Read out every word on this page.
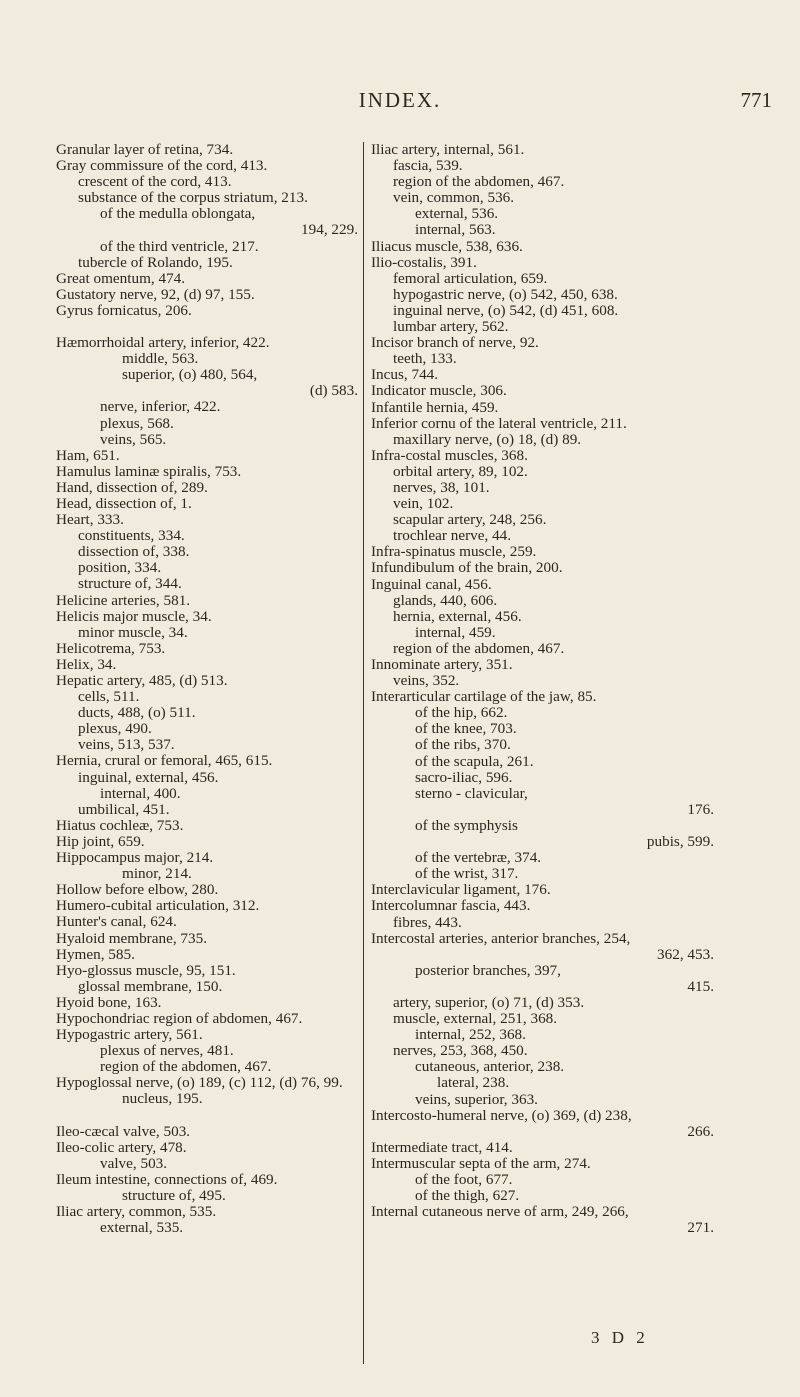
INDEX.	771
Granular layer of retina, 734.
Gray commissure of the cord, 413.
crescent of the cord, 413.
substance of the corpus striatum, 213.
of the medulla oblongata,
194, 229.
of the third ventricle, 217.
tubercle of Rolando, 195.
Great omentum, 474.
Gustatory nerve, 92, (d) 97, 155.
Gyrus fornicatus, 206.
Hæmorrhoidal artery, inferior, 422.
middle, 563.
superior, (o) 480, 564,
(d) 583.
nerve, inferior, 422.
plexus, 568.
veins, 565.
Ham, 651.
Hamulus laminæ spiralis, 753.
Hand, dissection of, 289.
Head, dissection of, 1.
Heart, 333.
constituents, 334.
dissection of, 338.
position, 334.
structure of, 344.
Helicine arteries, 581.
Helicis major muscle, 34.
minor muscle, 34.
Helicotrema, 753.
Helix, 34.
Hepatic artery, 485, (d) 513.
cells, 511.
ducts, 488, (o) 511.
plexus, 490.
veins, 513, 537.
Hernia, crural or femoral, 465, 615.
inguinal, external, 456.
internal, 400.
umbilical, 451.
Hiatus cochleæ, 753.
Hip joint, 659.
Hippocampus major, 214.
minor, 214.
Hollow before elbow, 280.
Humero-cubital articulation, 312.
Hunter's canal, 624.
Hyaloid membrane, 735.
Hymen, 585.
Hyo-glossus muscle, 95, 151.
glossal membrane, 150.
Hyoid bone, 163.
Hypochondriac region of abdomen, 467.
Hypogastric artery, 561.
plexus of nerves, 481.
region of the abdomen, 467.
Hypoglossal nerve, (o) 189, (c) 112, (d) 76, 99.
nucleus, 195.
Ileo-cæcal valve, 503.
Ileo-colic artery, 478.
valve, 503.
Ileum intestine, connections of, 469.
structure of, 495.
Iliac artery, common, 535.
external, 535.
Iliac artery, internal, 561.
fascia, 539.
region of the abdomen, 467.
vein, common, 536.
external, 536.
internal, 563.
Iliacus muscle, 538, 636.
Ilio-costalis, 391.
femoral articulation, 659.
hypogastric nerve, (o) 542, 450, 638.
inguinal nerve, (o) 542, (d) 451, 608.
lumbar artery, 562.
Incisor branch of nerve, 92.
teeth, 133.
Incus, 744.
Indicator muscle, 306.
Infantile hernia, 459.
Inferior cornu of the lateral ventricle, 211.
maxillary nerve, (o) 18, (d) 89.
Infra-costal muscles, 368.
orbital artery, 89, 102.
nerves, 38, 101.
vein, 102.
scapular artery, 248, 256.
trochlear nerve, 44.
Infra-spinatus muscle, 259.
Infundibulum of the brain, 200.
Inguinal canal, 456.
glands, 440, 606.
hernia, external, 456.
internal, 459.
region of the abdomen, 467.
Innominate artery, 351.
veins, 352.
Interarticular cartilage of the jaw, 85.
of the hip, 662.
of the knee, 703.
of the ribs, 370.
of the scapula, 261.
sacro-iliac, 596.
sterno - clavicular,
176.
of the symphysis
pubis, 599.
of the vertebræ, 374.
of the wrist, 317.
Interclavicular ligament, 176.
Intercolumnar fascia, 443.
fibres, 443.
Intercostal arteries, anterior branches, 254,
362, 453.
posterior branches, 397,
415.
artery, superior, (o) 71, (d) 353.
muscle, external, 251, 368.
internal, 252, 368.
nerves, 253, 368, 450.
cutaneous, anterior, 238.
lateral, 238.
veins, superior, 363.
Intercosto-humeral nerve, (o) 369, (d) 238,
266.
Intermediate tract, 414.
Intermuscular septa of the arm, 274.
of the foot, 677.
of the thigh, 627.
Internal cutaneous nerve of arm, 249, 266,
271.
3 D 2
